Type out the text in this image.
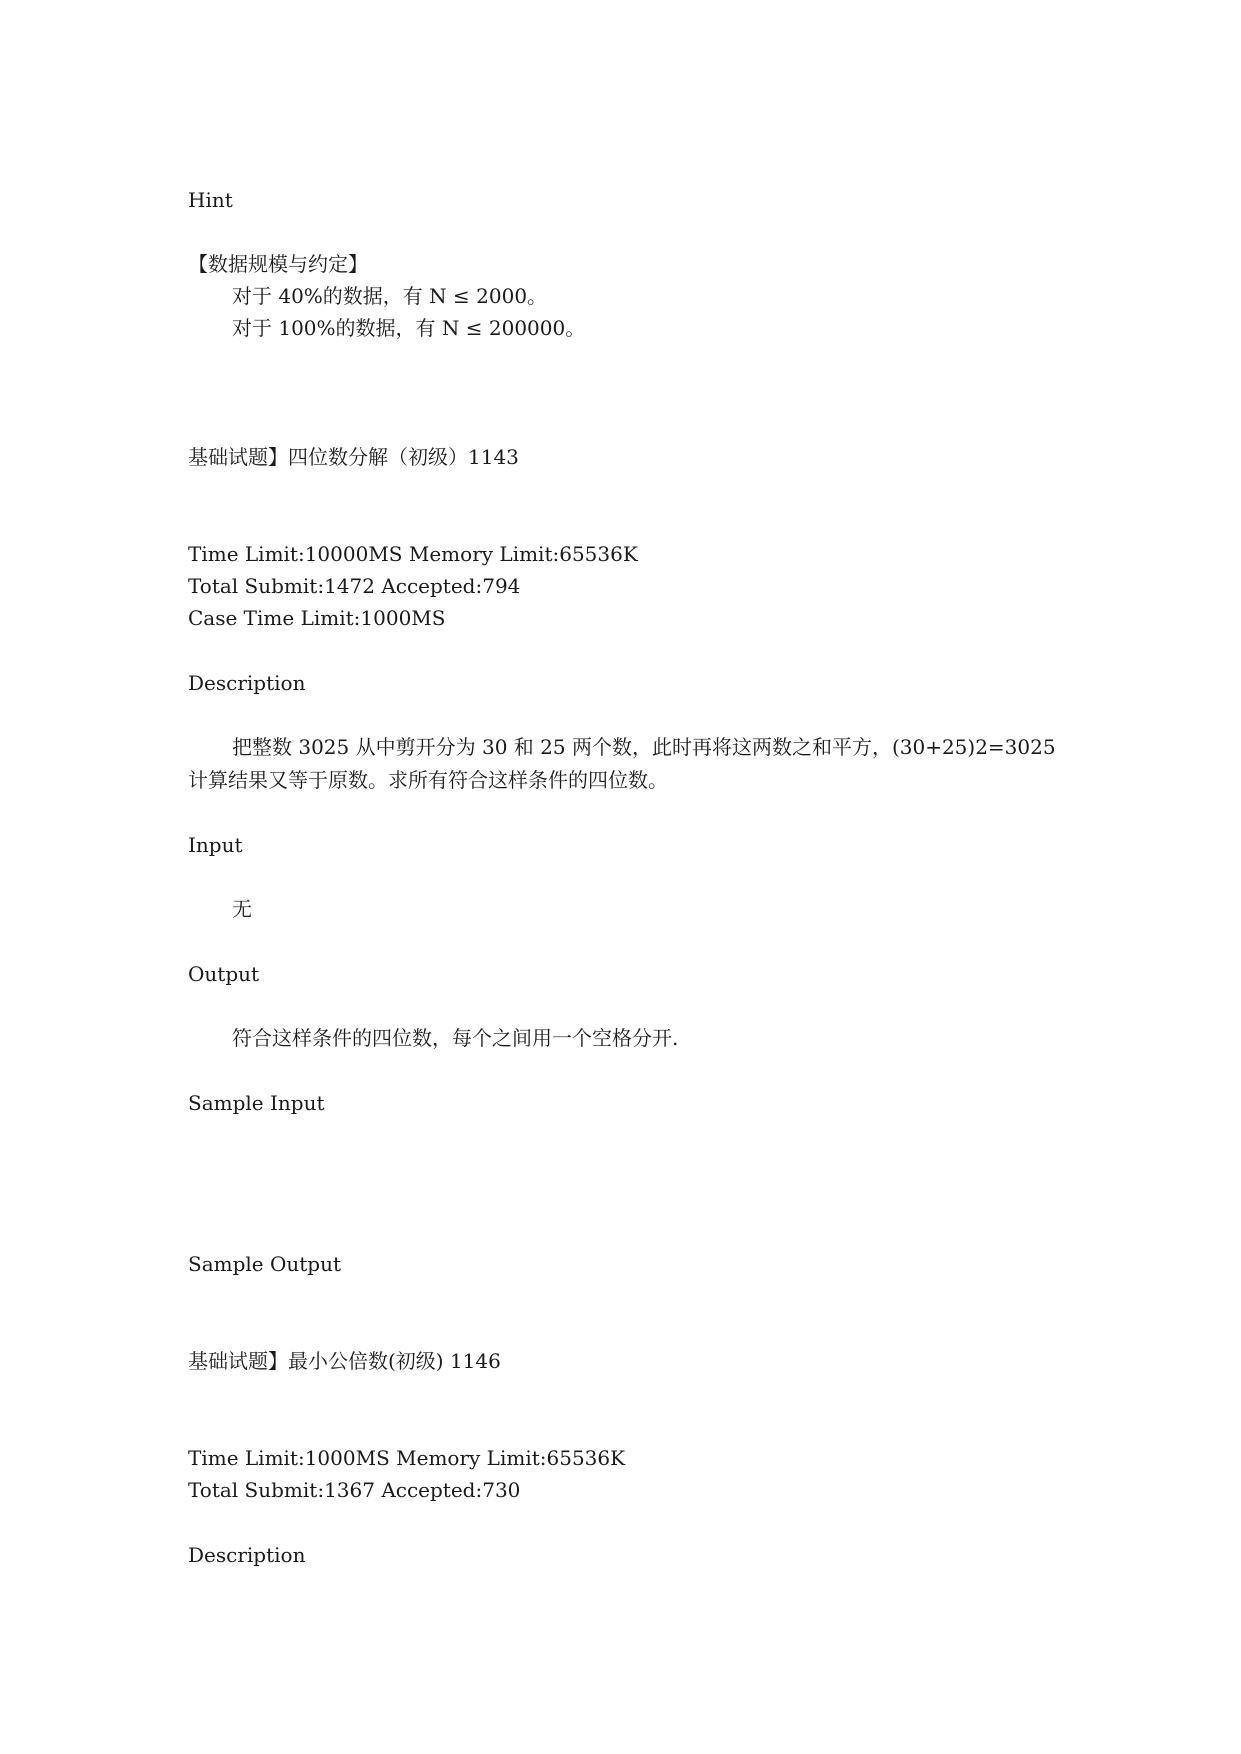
Hint
【数据规模与约定】
对于 40%的数据，有 N ≤ 2000。
对于 100%的数据，有 N ≤ 200000。
基础试题】四位数分解（初级）1143
Time Limit:10000MS Memory Limit:65536K
Total Submit:1472 Accepted:794
Case Time Limit:1000MS
Description
把整数 3025 从中剪开分为 30 和 25 两个数，此时再将这两数之和平方，(30+25)2=3025
计算结果又等于原数。求所有符合这样条件的四位数。
Input
无
Output
符合这样条件的四位数，每个之间用一个空格分开.
Sample Input
Sample Output
基础试题】最小公倍数(初级) 1146
Time Limit:1000MS Memory Limit:65536K
Total Submit:1367 Accepted:730
Description
